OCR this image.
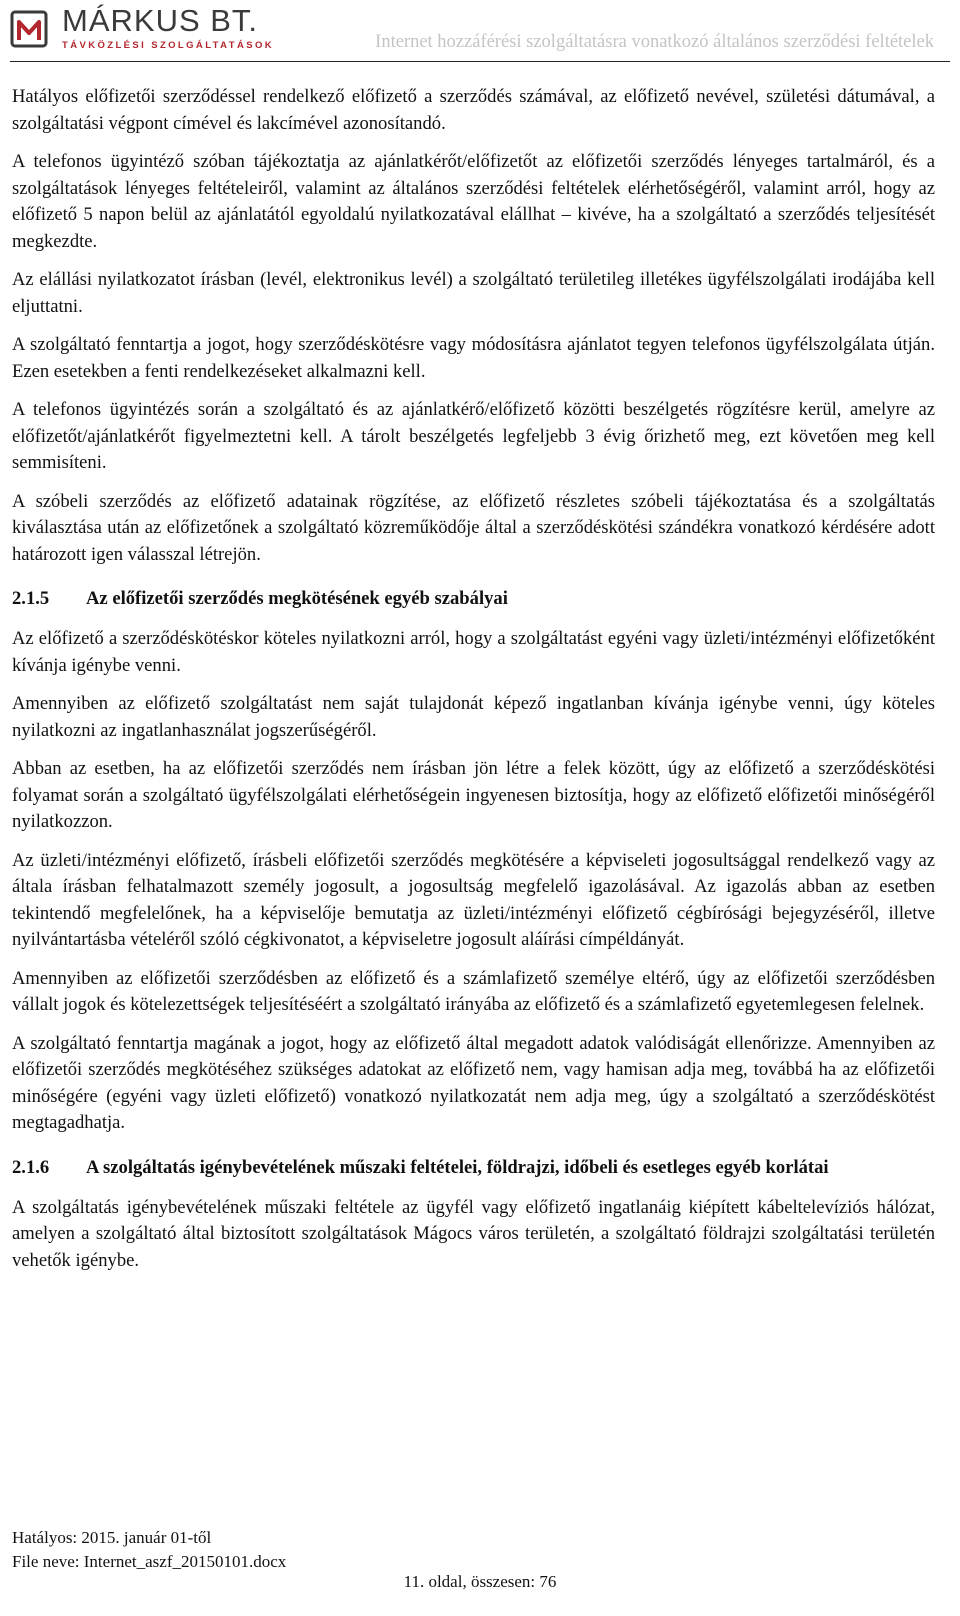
MÁRKUS BT.
TÁVKÖZLÉSI SZOLGÁLTATÁSOK	Internet hozzáférési szolgáltatásra vonatkozó általános szerződési feltételek

Hatályos előfizetői szerződéssel rendelkező előfizető a szerződés számával, az előfizető nevével, születési dátumával, a szolgáltatási végpont címével és lakcímével azonosítandó.

A telefonos ügyintéző szóban tájékoztatja az ajánlatkérőt/előfizetőt az előfizetői szerződés lényeges tartalmáról, és a szolgáltatások lényeges feltételeiről, valamint az általános szerződési feltételek elérhetőségéről, valamint arról, hogy az előfizető 5 napon belül az ajánlatától egyoldalú nyilatkozatával elállhat – kivéve, ha a szolgáltató a szerződés teljesítését megkezdte.

Az elállási nyilatkozatot írásban (levél, elektronikus levél) a szolgáltató területileg illetékes ügyfélszolgálati irodájába kell eljuttatni.

A szolgáltató fenntartja a jogot, hogy szerződéskötésre vagy módosításra ajánlatot tegyen telefonos ügyfélszolgálata útján. Ezen esetekben a fenti rendelkezéseket alkalmazni kell.

A telefonos ügyintézés során a szolgáltató és az ajánlatkérő/előfizető közötti beszélgetés rögzítésre kerül, amelyre az előfizetőt/ajánlatkérőt figyelmeztetni kell. A tárolt beszélgetés legfeljebb 3 évig őrizhető meg, ezt követően meg kell semmisíteni.

A szóbeli szerződés az előfizető adatainak rögzítése, az előfizető részletes szóbeli tájékoztatása és a szolgáltatás kiválasztása után az előfizetőnek a szolgáltató közreműködője által a szerződéskötési szándékra vonatkozó kérdésére adott határozott igen válasszal létrejön.

2.1.5	Az előfizetői szerződés megkötésének egyéb szabályai

Az előfizető a szerződéskötéskor köteles nyilatkozni arról, hogy a szolgáltatást egyéni vagy üzleti/intézményi előfizetőként kívánja igénybe venni.

Amennyiben az előfizető szolgáltatást nem saját tulajdonát képező ingatlanban kívánja igénybe venni, úgy köteles nyilatkozni az ingatlanhasználat jogszerűségéről.

Abban az esetben, ha az előfizetői szerződés nem írásban jön létre a felek között, úgy az előfizető a szerződéskötési folyamat során a szolgáltató ügyfélszolgálati elérhetőségein ingyenesen biztosítja, hogy az előfizető előfizetői minőségéről nyilatkozzon.

Az üzleti/intézményi előfizető, írásbeli előfizetői szerződés megkötésére a képviseleti jogosultsággal rendelkező vagy az általa írásban felhatalmazott személy jogosult, a jogosultság megfelelő igazolásával. Az igazolás abban az esetben tekintendő megfelelőnek, ha a képviselője bemutatja az üzleti/intézményi előfizető cégbírósági bejegyzéséről, illetve nyilvántartásba vételéről szóló cégkivonatot, a képviseletre jogosult aláírási címpéldányát.

Amennyiben az előfizetői szerződésben az előfizető és a számlafizető személye eltérő, úgy az előfizetői szerződésben vállalt jogok és kötelezettségek teljesítéséért a szolgáltató irányába az előfizető és a számlafizető egyetemlegesen felelnek.

A szolgáltató fenntartja magának a jogot, hogy az előfizető által megadott adatok valódiságát ellenőrizze. Amennyiben az előfizetői szerződés megkötéséhez szükséges adatokat az előfizető nem, vagy hamisan adja meg, továbbá ha az előfizetői minőségére (egyéni vagy üzleti előfizető) vonatkozó nyilatkozatát nem adja meg, úgy a szolgáltató a szerződéskötést megtagadhatja.

2.1.6	A szolgáltatás igénybevételének műszaki feltételei, földrajzi, időbeli és esetleges egyéb korlátai

A szolgáltatás igénybevételének műszaki feltétele az ügyfél vagy előfizető ingatlanáig kiépített kábeltelevíziós hálózat, amelyen a szolgáltató által biztosított szolgáltatások Mágocs város területén, a szolgáltató földrajzi szolgáltatási területén vehetők igénybe.

Hatályos: 2015. január 01-től
File neve: Internet_aszf_20150101.docx
11. oldal, összesen: 76
